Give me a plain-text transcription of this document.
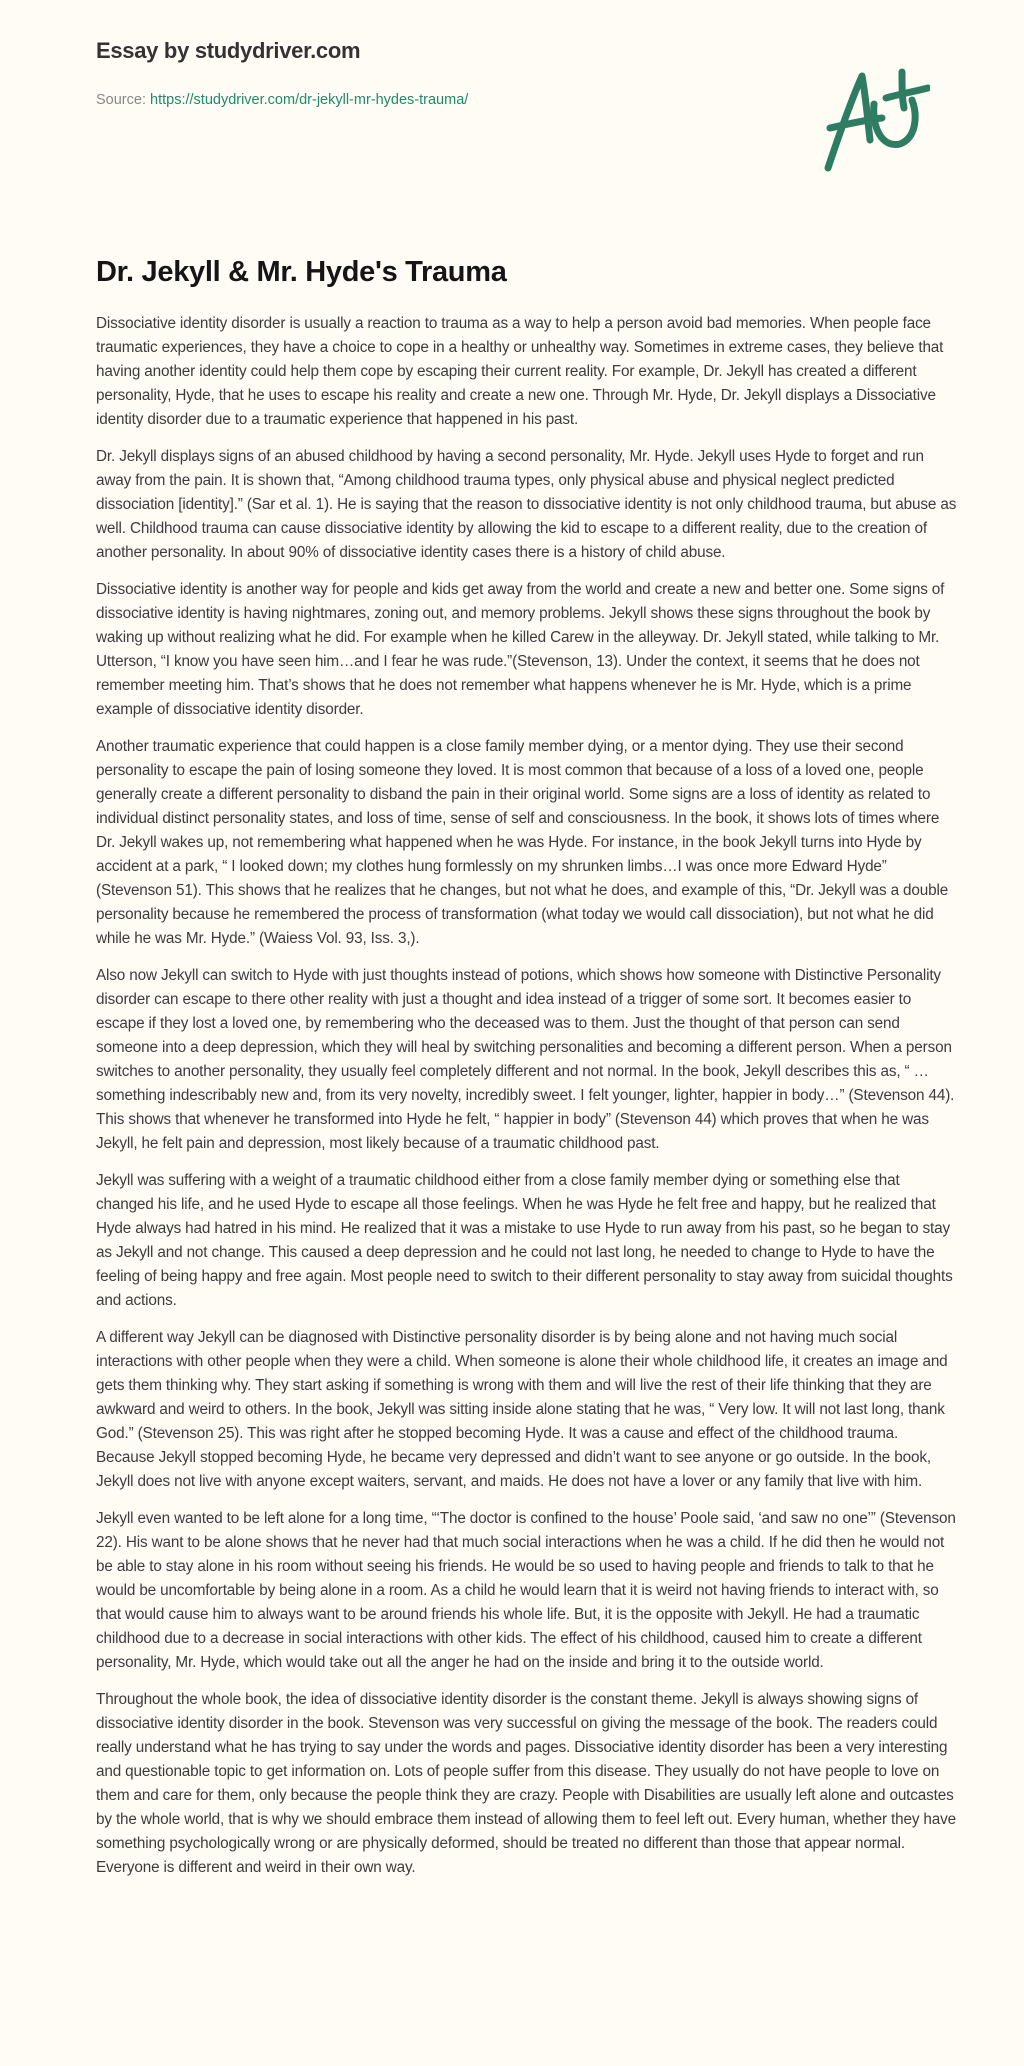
Essay by studydriver.com
Source: https://studydriver.com/dr-jekyll-mr-hydes-trauma/
Dr. Jekyll & Mr. Hyde's Trauma

Dissociative identity disorder is usually a reaction to trauma as a way to help a person avoid bad memories. When people face traumatic experiences, they have a choice to cope in a healthy or unhealthy way. Sometimes in extreme cases, they believe that having another identity could help them cope by escaping their current reality. For example, Dr. Jekyll has created a different personality, Hyde, that he uses to escape his reality and create a new one. Through Mr. Hyde, Dr. Jekyll displays a Dissociative identity disorder due to a traumatic experience that happened in his past.

Dr. Jekyll displays signs of an abused childhood by having a second personality, Mr. Hyde. Jekyll uses Hyde to forget and run away from the pain. It is shown that, “Among childhood trauma types, only physical abuse and physical neglect predicted dissociation [identity].” (Sar et al. 1). He is saying that the reason to dissociative identity is not only childhood trauma, but abuse as well. Childhood trauma can cause dissociative identity by allowing the kid to escape to a different reality, due to the creation of another personality. In about 90% of dissociative identity cases there is a history of child abuse.

Dissociative identity is another way for people and kids get away from the world and create a new and better one. Some signs of dissociative identity is having nightmares, zoning out, and memory problems. Jekyll shows these signs throughout the book by waking up without realizing what he did. For example when he killed Carew in the alleyway. Dr. Jekyll stated, while talking to Mr. Utterson, “I know you have seen him…and I fear he was rude.”(Stevenson, 13). Under the context, it seems that he does not remember meeting him. That’s shows that he does not remember what happens whenever he is Mr. Hyde, which is a prime example of dissociative identity disorder.

Another traumatic experience that could happen is a close family member dying, or a mentor dying. They use their second personality to escape the pain of losing someone they loved. It is most common that because of a loss of a loved one, people generally create a different personality to disband the pain in their original world. Some signs are a loss of identity as related to individual distinct personality states, and loss of time, sense of self and consciousness. In the book, it shows lots of times where Dr. Jekyll wakes up, not remembering what happened when he was Hyde. For instance, in the book Jekyll turns into Hyde by accident at a park, “ I looked down; my clothes hung formlessly on my shrunken limbs…I was once more Edward Hyde” (Stevenson 51). This shows that he realizes that he changes, but not what he does, and example of this, “Dr. Jekyll was a double personality because he remembered the process of transformation (what today we would call dissociation), but not what he did while he was Mr. Hyde.” (Waiess Vol. 93, Iss. 3,).

Also now Jekyll can switch to Hyde with just thoughts instead of potions, which shows how someone with Distinctive Personality disorder can escape to there other reality with just a thought and idea instead of a trigger of some sort. It becomes easier to escape if they lost a loved one, by remembering who the deceased was to them. Just the thought of that person can send someone into a deep depression, which they will heal by switching personalities and becoming a different person. When a person switches to another personality, they usually feel completely different and not normal. In the book, Jekyll describes this as, “ … something indescribably new and, from its very novelty, incredibly sweet. I felt younger, lighter, happier in body…” (Stevenson 44). This shows that whenever he transformed into Hyde he felt, “ happier in body” (Stevenson 44) which proves that when he was Jekyll, he felt pain and depression, most likely because of a traumatic childhood past.

Jekyll was suffering with a weight of a traumatic childhood either from a close family member dying or something else that changed his life, and he used Hyde to escape all those feelings. When he was Hyde he felt free and happy, but he realized that Hyde always had hatred in his mind. He realized that it was a mistake to use Hyde to run away from his past, so he began to stay as Jekyll and not change. This caused a deep depression and he could not last long, he needed to change to Hyde to have the feeling of being happy and free again. Most people need to switch to their different personality to stay away from suicidal thoughts and actions.

A different way Jekyll can be diagnosed with Distinctive personality disorder is by being alone and not having much social interactions with other people when they were a child. When someone is alone their whole childhood life, it creates an image and gets them thinking why. They start asking if something is wrong with them and will live the rest of their life thinking that they are awkward and weird to others. In the book, Jekyll was sitting inside alone stating that he was, “ Very low. It will not last long, thank God.” (Stevenson 25). This was right after he stopped becoming Hyde. It was a cause and effect of the childhood trauma. Because Jekyll stopped becoming Hyde, he became very depressed and didn’t want to see anyone or go outside. In the book, Jekyll does not live with anyone except waiters, servant, and maids. He does not have a lover or any family that live with him.

Jekyll even wanted to be left alone for a long time, “‘The doctor is confined to the house’ Poole said, ‘and saw no one’” (Stevenson 22). His want to be alone shows that he never had that much social interactions when he was a child. If he did then he would not be able to stay alone in his room without seeing his friends. He would be so used to having people and friends to talk to that he would be uncomfortable by being alone in a room. As a child he would learn that it is weird not having friends to interact with, so that would cause him to always want to be around friends his whole life. But, it is the opposite with Jekyll. He had a traumatic childhood due to a decrease in social interactions with other kids. The effect of his childhood, caused him to create a different personality, Mr. Hyde, which would take out all the anger he had on the inside and bring it to the outside world.

Throughout the whole book, the idea of dissociative identity disorder is the constant theme. Jekyll is always showing signs of dissociative identity disorder in the book. Stevenson was very successful on giving the message of the book. The readers could really understand what he has trying to say under the words and pages. Dissociative identity disorder has been a very interesting and questionable topic to get information on. Lots of people suffer from this disease. They usually do not have people to love on them and care for them, only because the people think they are crazy. People with Disabilities are usually left alone and outcastes by the whole world, that is why we should embrace them instead of allowing them to feel left out. Every human, whether they have something psychologically wrong or are physically deformed, should be treated no different than those that appear normal. Everyone is different and weird in their own way.
